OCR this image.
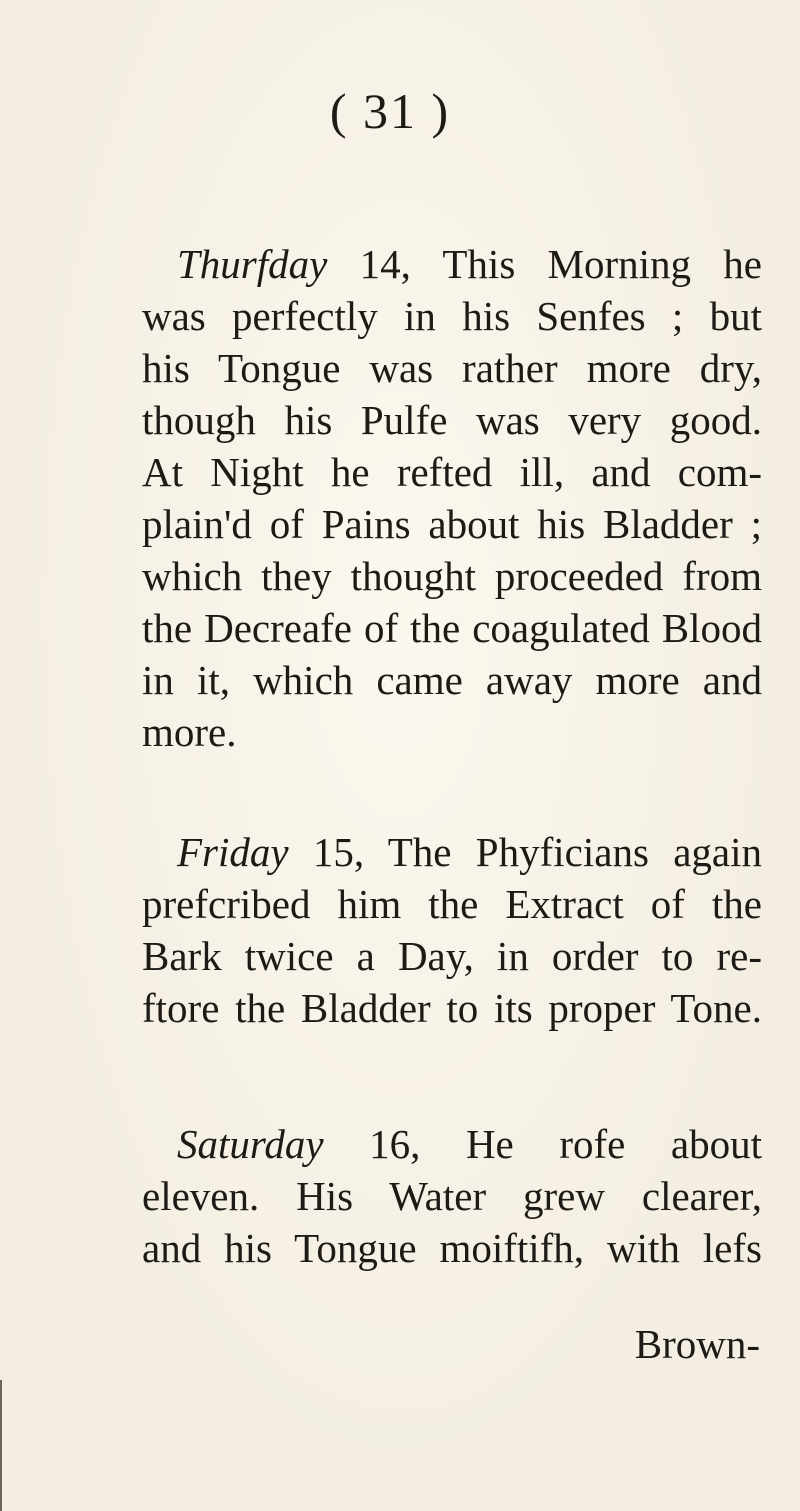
( 31 )
Thurfday 14, This Morning he
was perfectly in his Senfes ; but
his Tongue was rather more dry,
though his Pulfe was very good.
At Night he refted ill, and com-
plain'd of Pains about his Bladder ;
which they thought proceeded from
the Decreafe of the coagulated Blood
in it, which came away more and
more.
Friday 15, The Phyficians again
prefcribed him the Extract of the
Bark twice a Day, in order to re-
ftore the Bladder to its proper Tone.
Saturday 16, He rofe about
eleven. His Water grew clearer,
and his Tongue moiftifh, with lefs
Brown-
